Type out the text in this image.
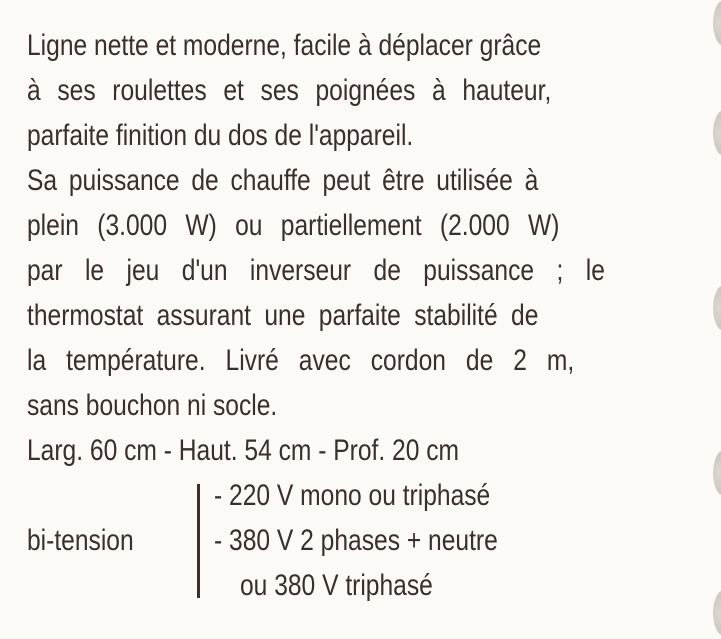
Ligne nette et moderne, facile à déplacer grâce
à ses roulettes et ses poignées à hauteur,
parfaite finition du dos de l'appareil.
Sa puissance de chauffe peut être utilisée à
plein (3.000 W) ou partiellement (2.000 W)
par le jeu d'un inverseur de puissance ; le
thermostat assurant une parfaite stabilité de
la température. Livré avec cordon de 2 m,
sans bouchon ni socle.
Larg. 60 cm - Haut. 54 cm - Prof. 20 cm
bi-tension
- 220 V mono ou triphasé
- 380 V 2 phases + neutre
ou 380 V triphasé
